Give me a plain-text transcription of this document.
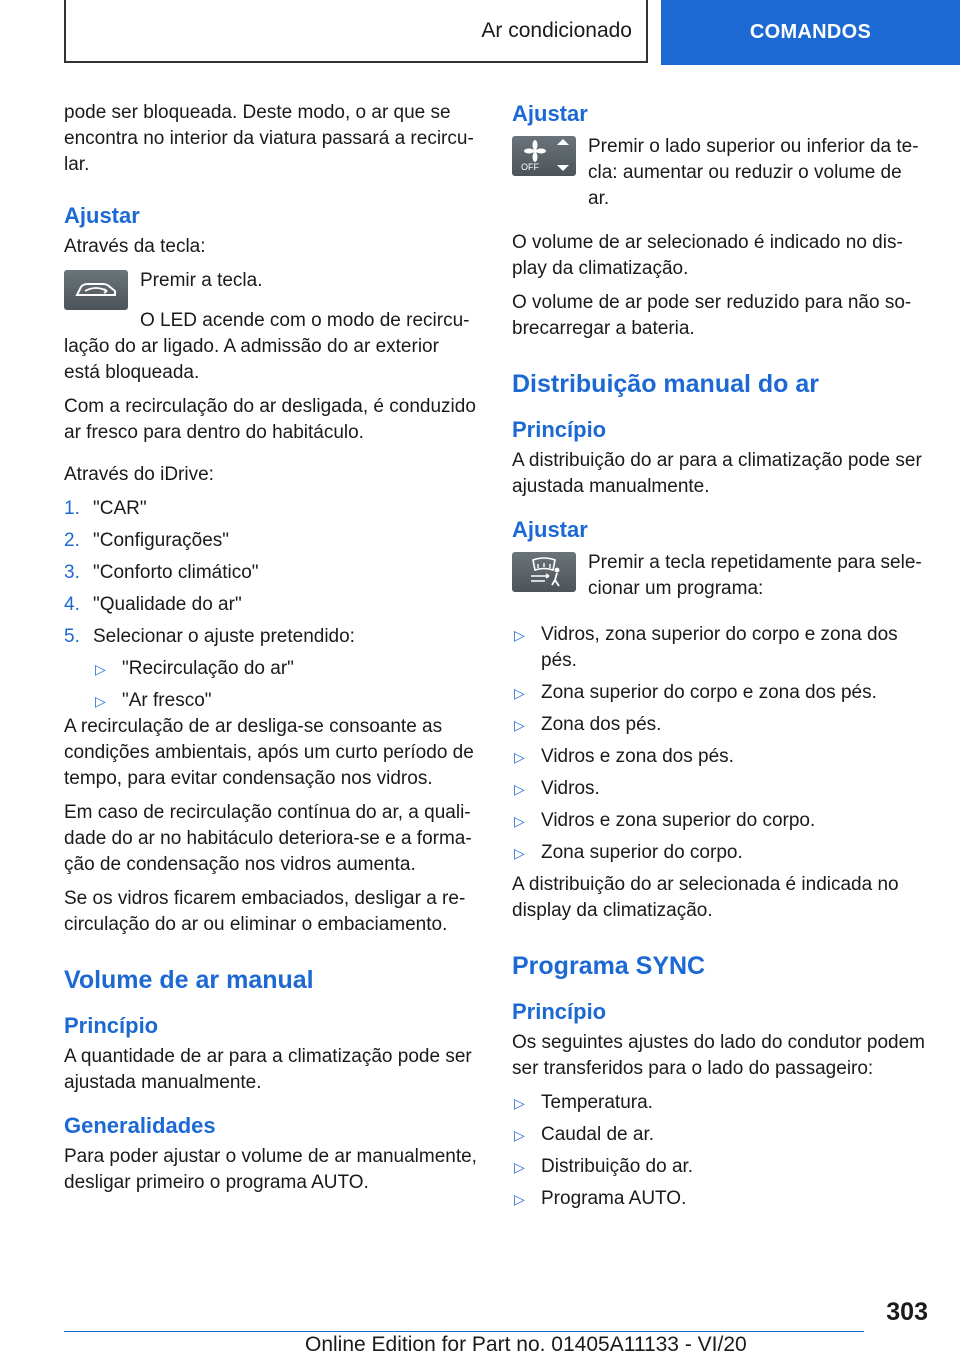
Ar condicionado	COMANDOS

pode ser bloqueada. Deste modo, o ar que se encontra no interior da viatura passará a recircular.

Ajustar

Através da tecla:

Premir a tecla.

O LED acende com o modo de recirculação do ar ligado. A admissão do ar exterior está bloqueada.

Com a recirculação do ar desligada, é conduzido ar fresco para dentro do habitáculo.

Através do iDrive:

1. "CAR"
2. "Configurações"
3. "Conforto climático"
4. "Qualidade do ar"
5. Selecionar o ajuste pretendido:
▷ "Recirculação do ar"
▷ "Ar fresco"

A recirculação de ar desliga-se consoante as condições ambientais, após um curto período de tempo, para evitar condensação nos vidros.

Em caso de recirculação contínua do ar, a qualidade do ar no habitáculo deteriora-se e a formação de condensação nos vidros aumenta.

Se os vidros ficarem embaciados, desligar a recirculação do ar ou eliminar o embaciamento.

Volume de ar manual
Princípio

A quantidade de ar para a climatização pode ser ajustada manualmente.

Generalidades

Para poder ajustar o volume de ar manualmente, desligar primeiro o programa AUTO.

Ajustar
OFF

Premir o lado superior ou inferior da tecla: aumentar ou reduzir o volume de ar.

O volume de ar selecionado é indicado no display da climatização.

O volume de ar pode ser reduzido para não sobrecarregar a bateria.

Distribuição manual do ar
Princípio

A distribuição do ar para a climatização pode ser ajustada manualmente.

Ajustar

Premir a tecla repetidamente para selecionar um programa:

▷ Vidros, zona superior do corpo e zona dos pés.
▷ Zona superior do corpo e zona dos pés.
▷ Zona dos pés.
▷ Vidros e zona dos pés.
▷ Vidros.
▷ Vidros e zona superior do corpo.
▷ Zona superior do corpo.

A distribuição do ar selecionada é indicada no display da climatização.

Programa SYNC
Princípio

Os seguintes ajustes do lado do condutor podem ser transferidos para o lado do passageiro:

▷ Temperatura.
▷ Caudal de ar.
▷ Distribuição do ar.
▷ Programa AUTO.
303
Online Edition for Part no. 01405A11133 - VI/20
